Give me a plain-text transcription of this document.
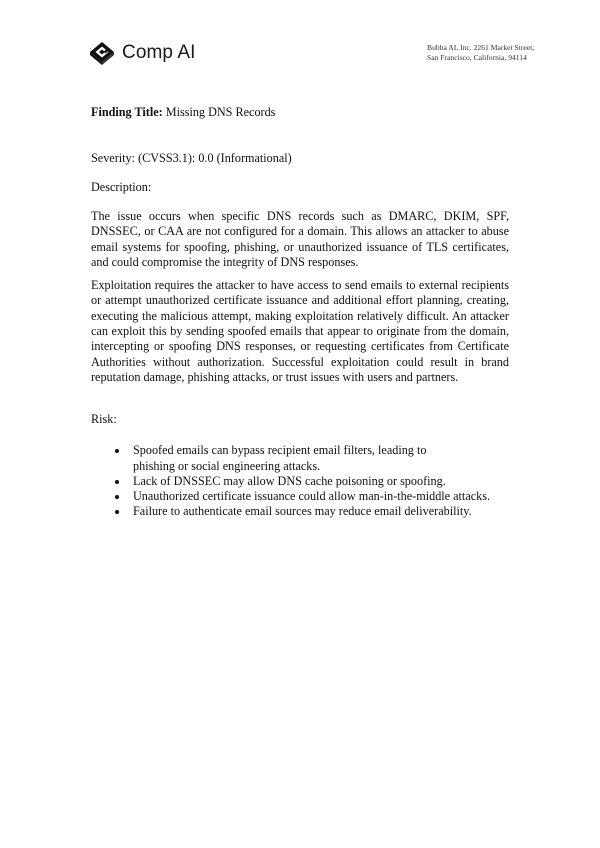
Comp AI	Bubba AI, Inc. 2261 Market Street,
San Francisco, California, 94114

Finding Title: Missing DNS Records

Severity: (CVSS3.1): 0.0 (Informational)
Description:
The issue occurs when specific DNS records such as DMARC, DKIM, SPF, DNSSEC, or CAA are not configured for a domain. This allows an attacker to abuse email systems for spoofing, phishing, or unauthorized issuance of TLS certificates, and could compromise the integrity of DNS responses.
Exploitation requires the attacker to have access to send emails to external recipients or attempt unauthorized certificate issuance and additional effort planning, creating, executing the malicious attempt, making exploitation relatively difficult. An attacker can exploit this by sending spoofed emails that appear to originate from the domain, intercepting or spoofing DNS responses, or requesting certificates from Certificate Authorities without authorization. Successful exploitation could result in brand reputation damage, phishing attacks, or trust issues with users and partners.
Risk:
Spoofed emails can bypass recipient email filters, leading to phishing or social engineering attacks.
Lack of DNSSEC may allow DNS cache poisoning or spoofing.
Unauthorized certificate issuance could allow man-in-the-middle attacks.
Failure to authenticate email sources may reduce email deliverability.
